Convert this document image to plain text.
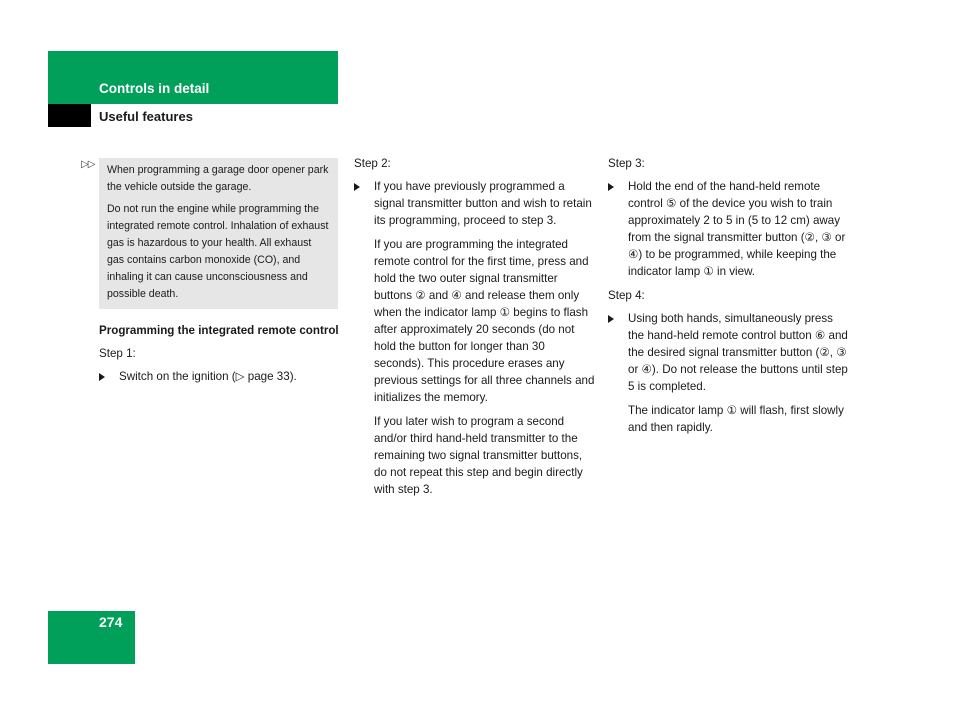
Controls in detail
Useful features
▷▷ When programming a garage door opener park the vehicle outside the garage.

Do not run the engine while programming the integrated remote control. Inhalation of exhaust gas is hazardous to your health. All exhaust gas contains carbon monoxide (CO), and inhaling it can cause unconsciousness and possible death.

Programming the integrated remote control

Step 1:

Switch on the ignition (▷ page 33).

Step 2:

If you have previously programmed a signal transmitter button and wish to retain its programming, proceed to step 3.

If you are programming the integrated remote control for the first time, press and hold the two outer signal transmitter buttons ② and ④ and release them only when the indicator lamp ① begins to flash after approximately 20 seconds (do not hold the button for longer than 30 seconds). This procedure erases any previous settings for all three channels and initializes the memory.

If you later wish to program a second and/or third hand-held transmitter to the remaining two signal transmitter buttons, do not repeat this step and begin directly with step 3.

Step 3:

Hold the end of the hand-held remote control ⑤ of the device you wish to train approximately 2 to 5 in (5 to 12 cm) away from the signal transmitter button (②, ③ or ④) to be programmed, while keeping the indicator lamp ① in view.

Step 4:

Using both hands, simultaneously press the hand-held remote control button ⑥ and the desired signal transmitter button (②, ③ or ④). Do not release the buttons until step 5 is completed.

The indicator lamp ① will flash, first slowly and then rapidly.

274
